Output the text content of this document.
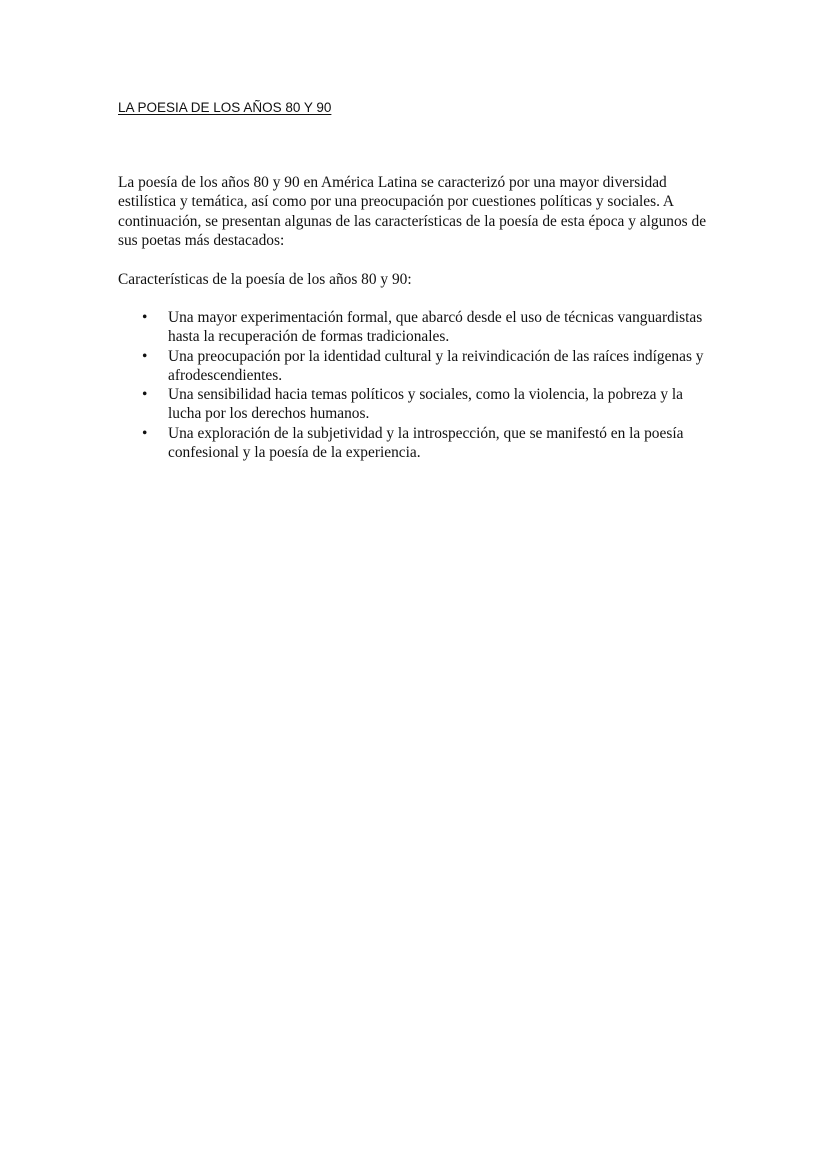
LA POESIA DE LOS AÑOS 80 Y 90

La poesía de los años 80 y 90 en América Latina se caracterizó por una mayor diversidad estilística y temática, así como por una preocupación por cuestiones políticas y sociales. A continuación, se presentan algunas de las características de la poesía de esta época y algunos de sus poetas más destacados:

Características de la poesía de los años 80 y 90:

• Una mayor experimentación formal, que abarcó desde el uso de técnicas vanguardistas hasta la recuperación de formas tradicionales.
• Una preocupación por la identidad cultural y la reivindicación de las raíces indígenas y afrodescendientes.
• Una sensibilidad hacia temas políticos y sociales, como la violencia, la pobreza y la lucha por los derechos humanos.
• Una exploración de la subjetividad y la introspección, que se manifestó en la poesía confesional y la poesía de la experiencia.
